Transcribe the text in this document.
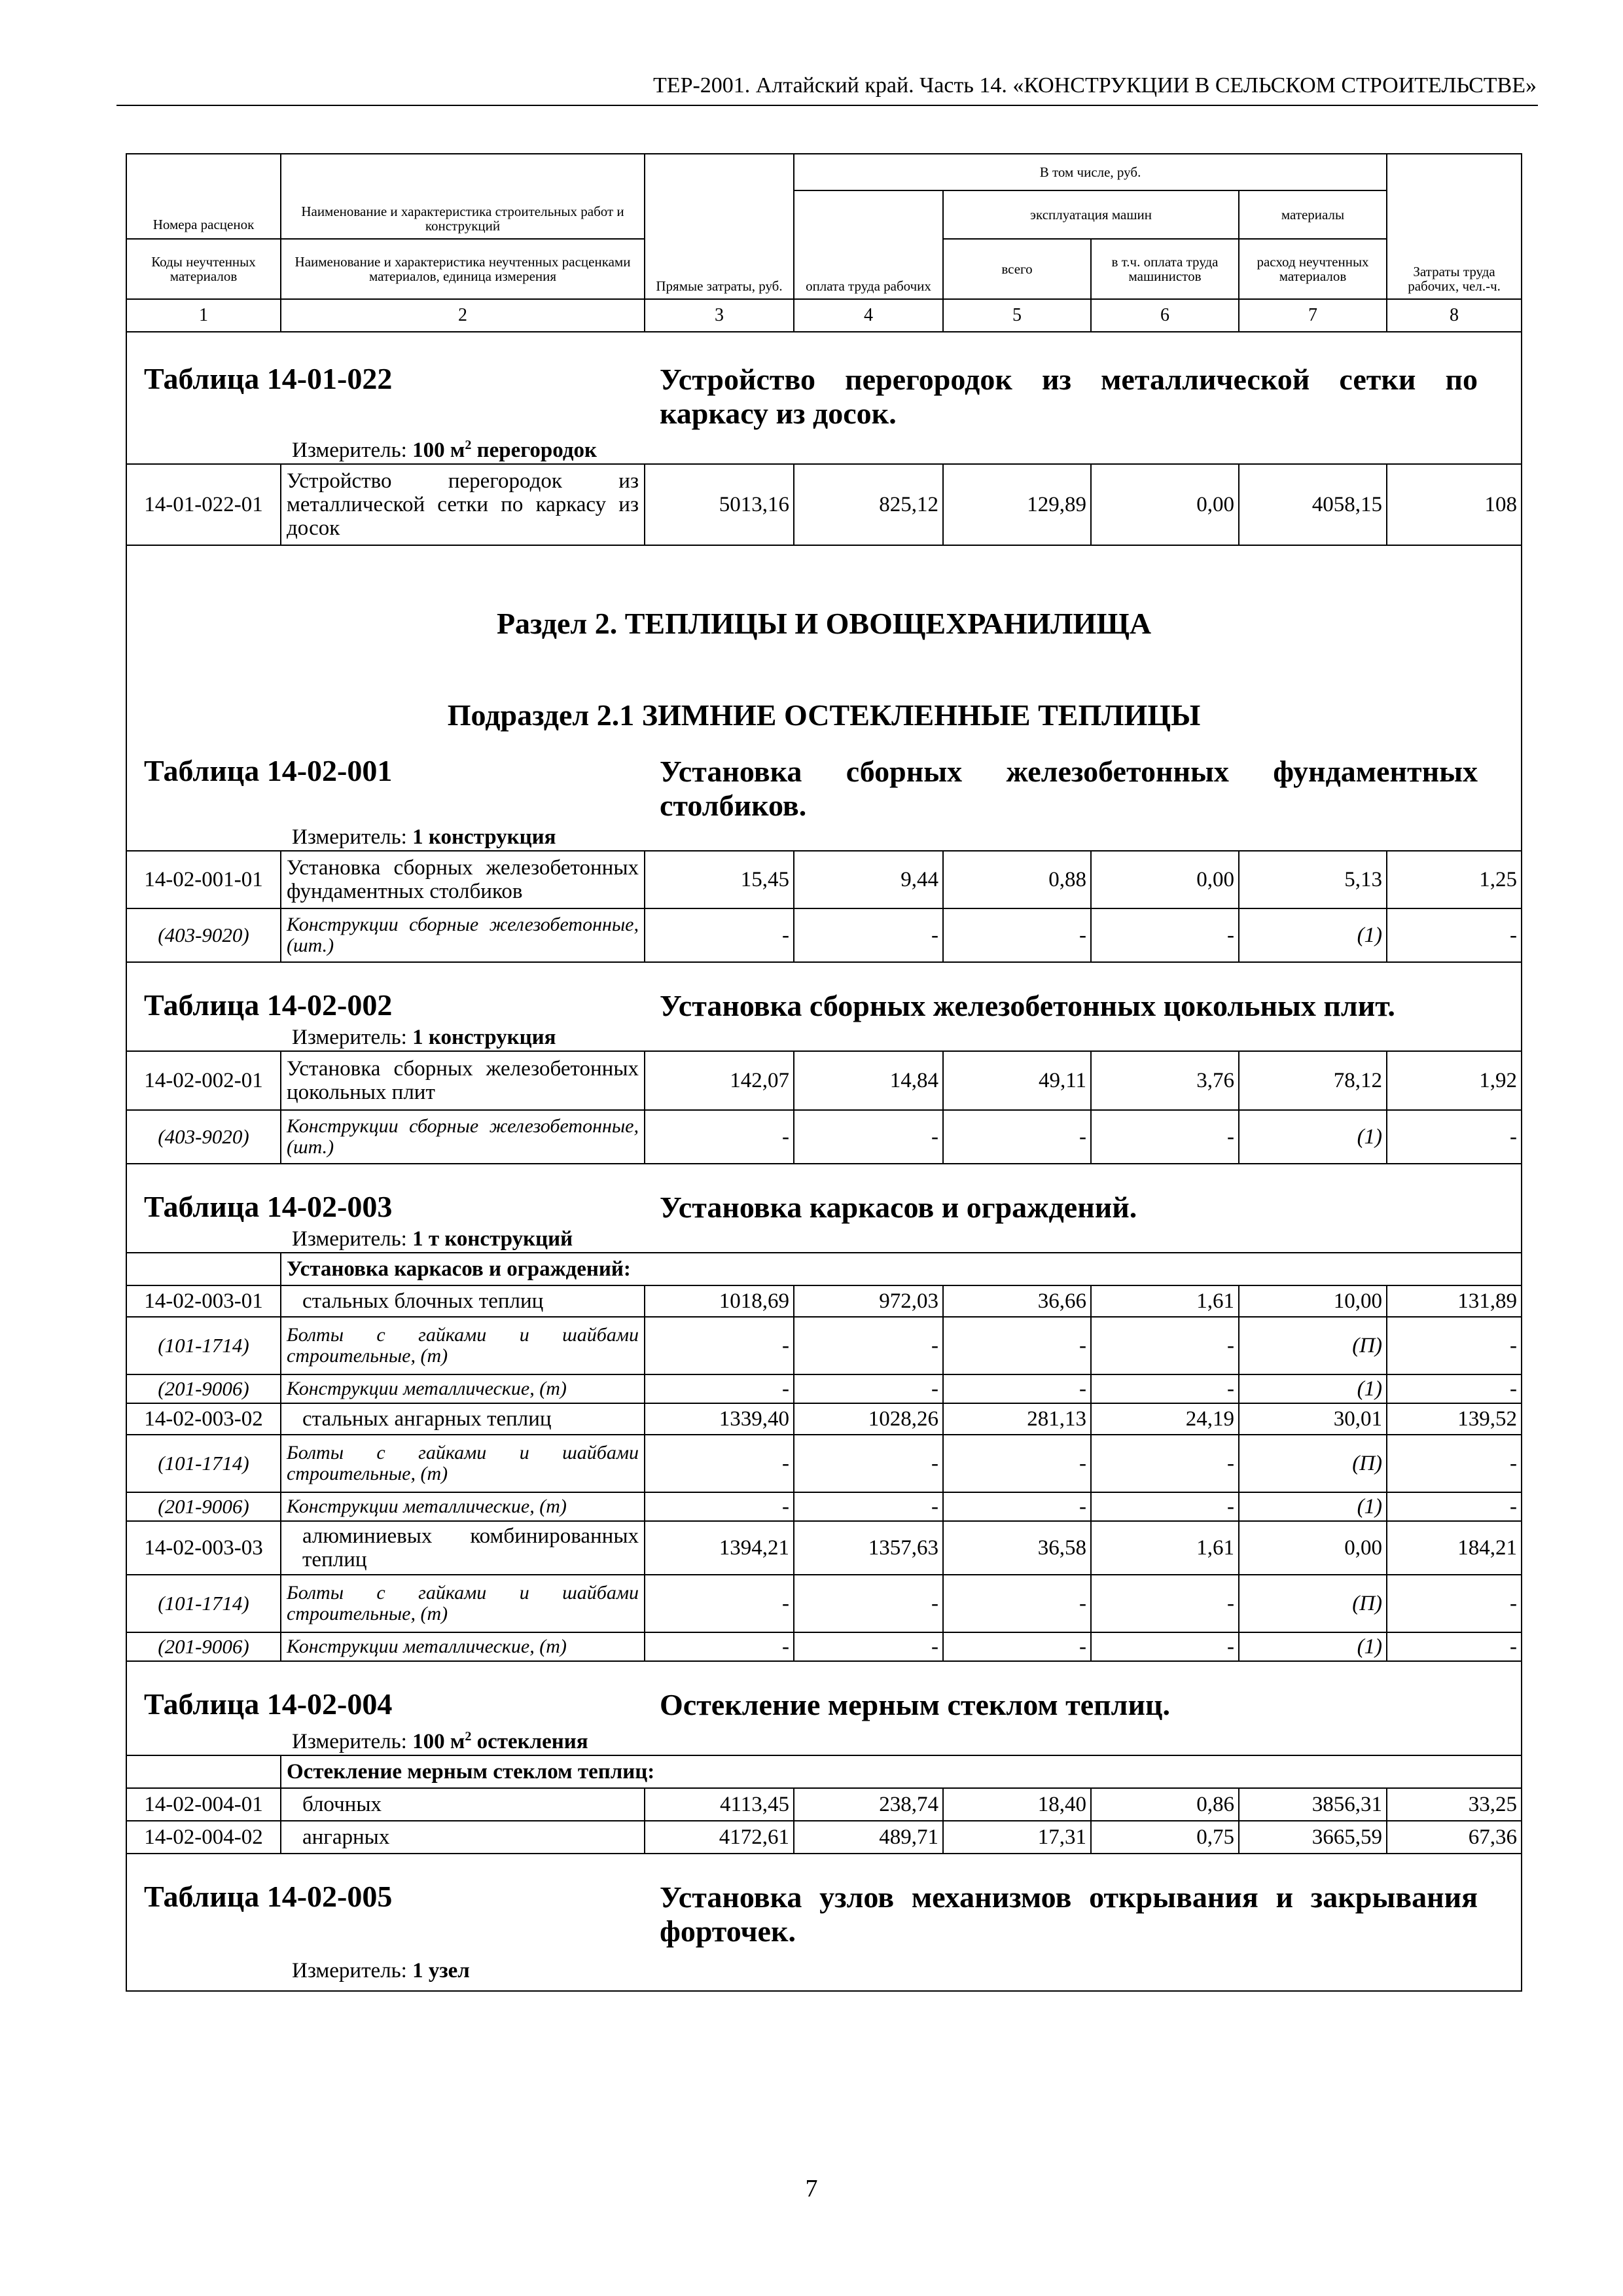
ТЕР-2001. Алтайский край. Часть 14. «КОНСТРУКЦИИ В СЕЛЬСКОМ СТРОИТЕЛЬСТВЕ»
Номера расценок	Наименование и характеристика строительных работ и конструкций	Прямые затраты, руб.	В том числе, руб.				Затраты труда рабочих, чел.-ч.
			оплата труда рабочих	эксплуатация машин		материалы	
Коды неучтенных материалов	Наименование и характеристика неучтенных расценками материалов, единица измерения			всего	в т.ч. оплата труда машинистов	расход неучтенных материалов	
1	2	3	4	5	6	7	8

Таблица 14-01-022 Устройство перегородок из металлической сетки по каркасу из досок.
Измеритель: 100 $м^2$ перегородок							

14-01-022-01	Устройство перегородок из металлической сетки по каркасу из досок	5013,16	825,12	129,89	0,00	4058,15	108
Раздел 2. ТЕПЛИЦЫ И ОВОЩЕХРАНИЛИЩА							
Подраздел 2.1 ЗИМНИЕ ОСТЕКЛЕННЫЕ ТЕПЛИЦЫ							

Таблица 14-02-001 Установка сборных железобетонных фундаментных столбиков.
Измеритель: 1 конструкция							

14-02-001-01	Установка сборных железобетонных фундаментных столбиков	15,45	9,44	0,88	0,00	5,13	1,25
(403-9020)	Конструкции сборные железобетонные, (шт.)	-	-	-	-	(1)	-

Таблица 14-02-002 Установка сборных железобетонных цокольных плит.
Измеритель: 1 конструкция							

14-02-002-01	Установка сборных железобетонных цокольных плит	142,07	14,84	49,11	3,76	78,12	1,92
(403-9020)	Конструкции сборные железобетонные, (шт.)	-	-	-	-	(1)	-

Таблица 14-02-003 Установка каркасов и ограждений.
Измеритель: 1 т конструкций							

	Установка каркасов и ограждений:						
14-02-003-01	стальных блочных теплиц	1018,69	972,03	36,66	1,61	10,00	131,89
(101-1714)	Болты с гайками и шайбами строительные, (т)	-	-	-	-	(П)	-
(201-9006)	Конструкции металлические, (т)	-	-	-	-	(1)	-
14-02-003-02	стальных ангарных теплиц	1339,40	1028,26	281,13	24,19	30,01	139,52
(101-1714)	Болты с гайками и шайбами строительные, (т)	-	-	-	-	(П)	-
(201-9006)	Конструкции металлические, (т)	-	-	-	-	(1)	-
14-02-003-03	алюминиевых комбинированных теплиц	1394,21	1357,63	36,58	1,61	0,00	184,21
(101-1714)	Болты с гайками и шайбами строительные, (т)	-	-	-	-	(П)	-
(201-9006)	Конструкции металлические, (т)	-	-	-	-	(1)	-

Таблица 14-02-004 Остекление мерным стеклом теплиц.
Измеритель: 100 $м^2$ остекления							

	Остекление мерным стеклом теплиц:						
14-02-004-01	блочных	4113,45	238,74	18,40	0,86	3856,31	33,25
14-02-004-02	ангарных	4172,61	489,71	17,31	0,75	3665,59	67,36

Таблица 14-02-005 Установка узлов механизмов открывания и закрывания форточек.
Измеритель: 1 узел							
7
